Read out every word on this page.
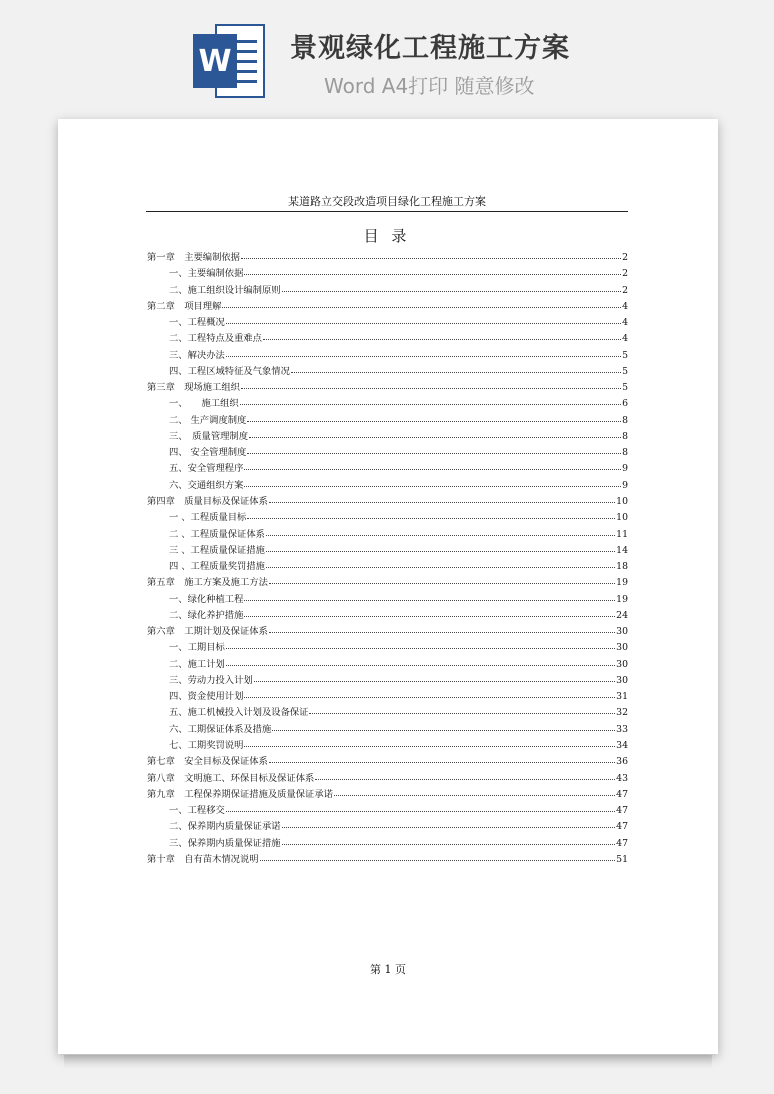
W 景观绿化工程施工方案
Word A4打印 随意修改
某道路立交段改造项目绿化工程施工方案
目 录
第一章　主要编制依据	2
一、主要编制依据	2
二、施工组织设计编制原则	2
第二章　项目理解	4
一、工程概况	4
二、工程特点及重难点	4
三、解决办法	5
四、工程区域特征及气象情况	5
第三章　现场施工组织	5
一、　　施工组织	6
二、 生产调度制度	8
三、　质量管理制度	8
四、 安全管理制度	8
五、安全管理程序	9
六、交通组织方案	9
第四章　质量目标及保证体系	10
一 、工程质量目标	10
二 、工程质量保证体系	11
三 、工程质量保证措施	14
四 、工程质量奖罚措施	18
第五章　施工方案及施工方法	19
一、绿化种植工程	19
二、绿化养护措施	24
第六章　工期计划及保证体系	30
一、工期目标	30
二、施工计划	30
三、劳动力投入计划	30
四、资金使用计划	31
五、施工机械投入计划及设备保证	32
六、工期保证体系及措施	33
七、工期奖罚说明	34
第七章　安全目标及保证体系	36
第八章　文明施工、环保目标及保证体系	43
第九章　工程保养期保证措施及质量保证承诺	47
一、工程移交	47
二、保养期内质量保证承诺	47
三、保养期内质量保证措施	47
第十章　自有苗木情况说明	51
第 1 页
